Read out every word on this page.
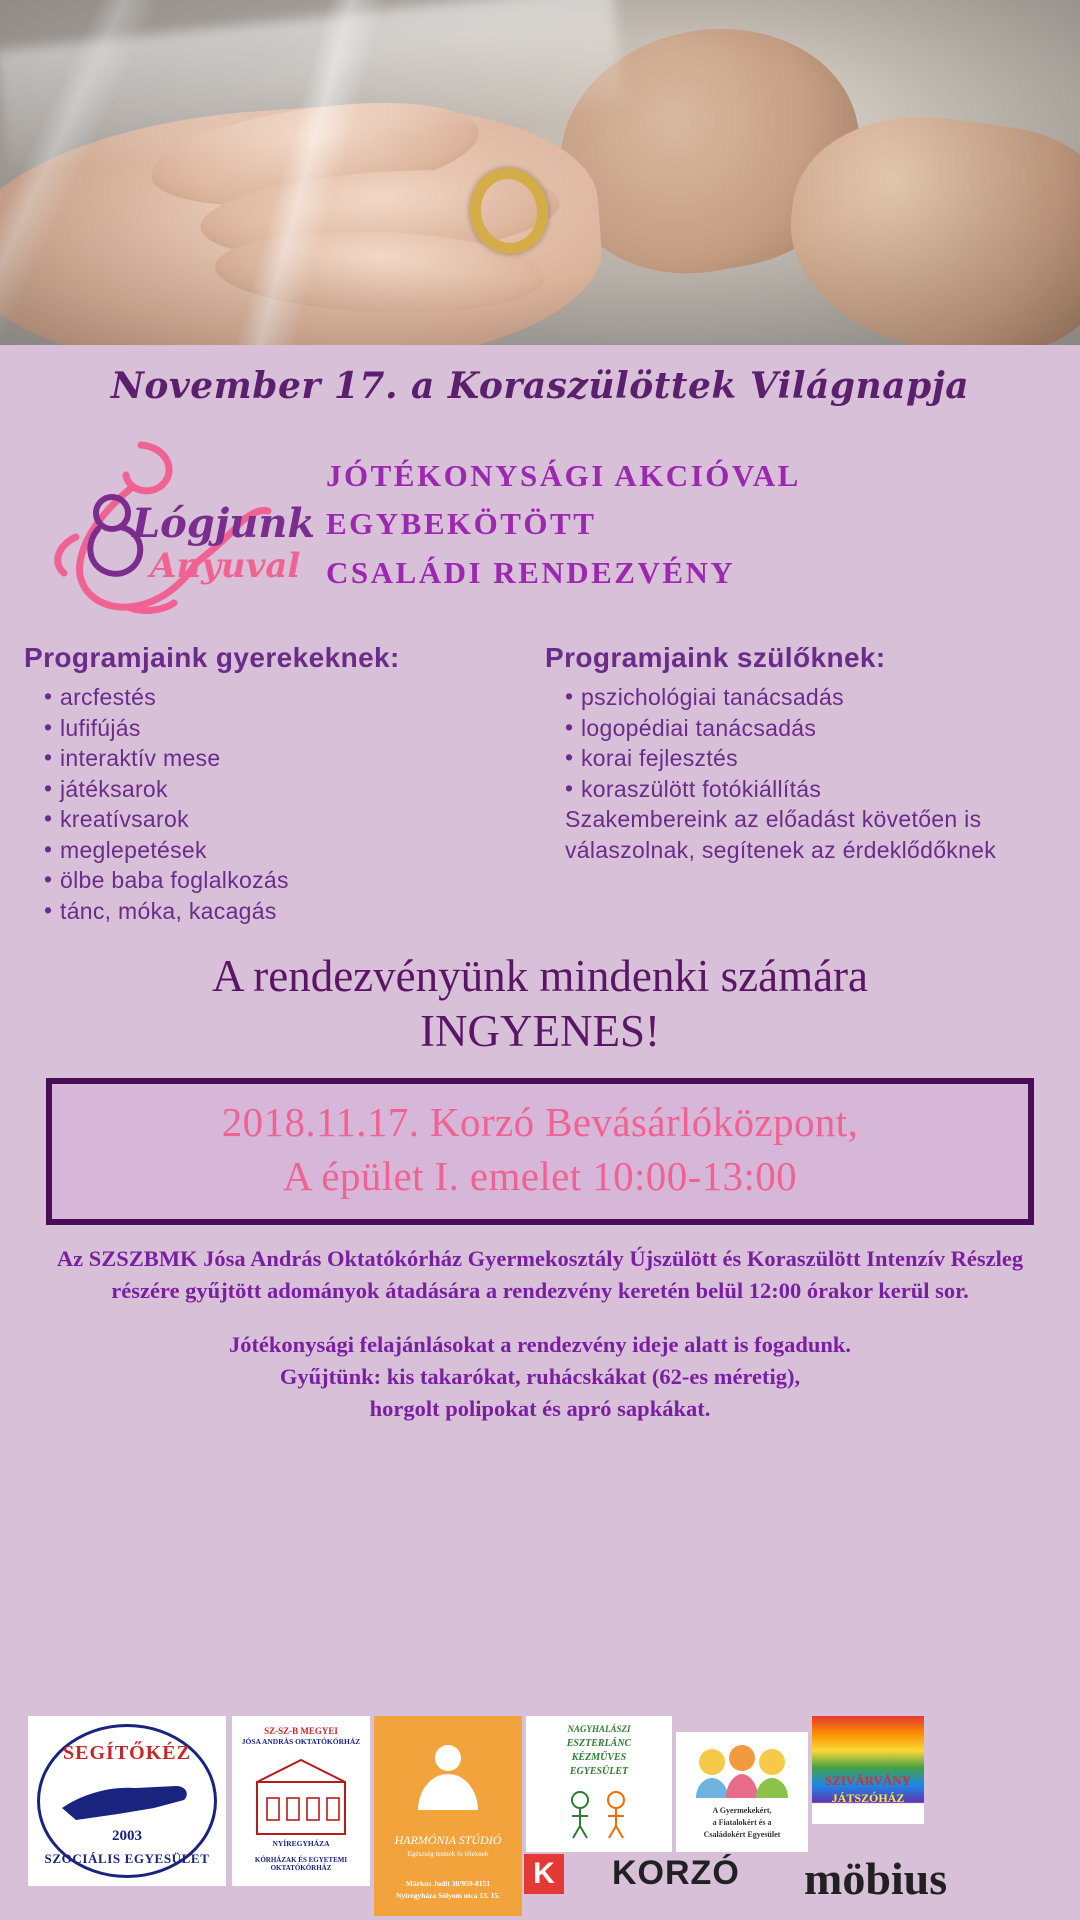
November 17. a Koraszülöttek Világnapja
Lógjunk
Anyuval
JÓTÉKONYSÁGI AKCIÓVAL
EGYBEKÖTÖTT
CSALÁDI RENDEZVÉNY
Programjaink gyerekeknek:
• arcfestés
• lufifújás
• interaktív mese
• játéksarok
• kreatívsarok
• meglepetések
• ölbe baba foglalkozás
• tánc, móka, kacagás
Programjaink szülőknek:
• pszichológiai tanácsadás
• logopédiai tanácsadás
• korai fejlesztés
• koraszülött fotókiállítás
Szakembereink az előadást követően is válaszolnak, segítenek az érdeklődőknek
A rendezvényünk mindenki számára
INGYENES!
2018.11.17. Korzó Bevásárlóközpont,
A épület I. emelet 10:00-13:00
Az SZSZBMK Jósa András Oktatókórház Gyermekosztály Újszülött és Koraszülött Intenzív Részleg részére gyűjtött adományok átadására a rendezvény keretén belül 12:00 órakor kerül sor.
Jótékonysági felajánlásokat a rendezvény ideje alatt is fogadunk.
Gyűjtünk: kis takarókat, ruhácskákat (62-es méretig),
horgolt polipokat és apró sapkákat.
SEGÍTŐKÉZ
2003
SZOCIÁLIS EGYESÜLET
SZ-SZ-B MEGYEI
JÓSA ANDRÁS OKTATÓKÓRHÁZ
NYÍREGYHÁZA
KÓRHÁZAK ÉS EGYETEMI OKTATÓKÓRHÁZ
HARMÓNIA STÚDIÓ
Egészség testnek és léleknek
Márkus Judit 30/959-8151
Nyíregyháza Sólyom utca 13. 15.
NAGYHALÁSZI
ESZTERLÁNC
KÉZMŰVES
EGYESÜLET
A Gyermekekért,
a Fiatalokért és a
Családokért Egyesület
SZIVÁRVÁNY
JÁTSZÓHÁZ
K	KORZÓ	möbius
